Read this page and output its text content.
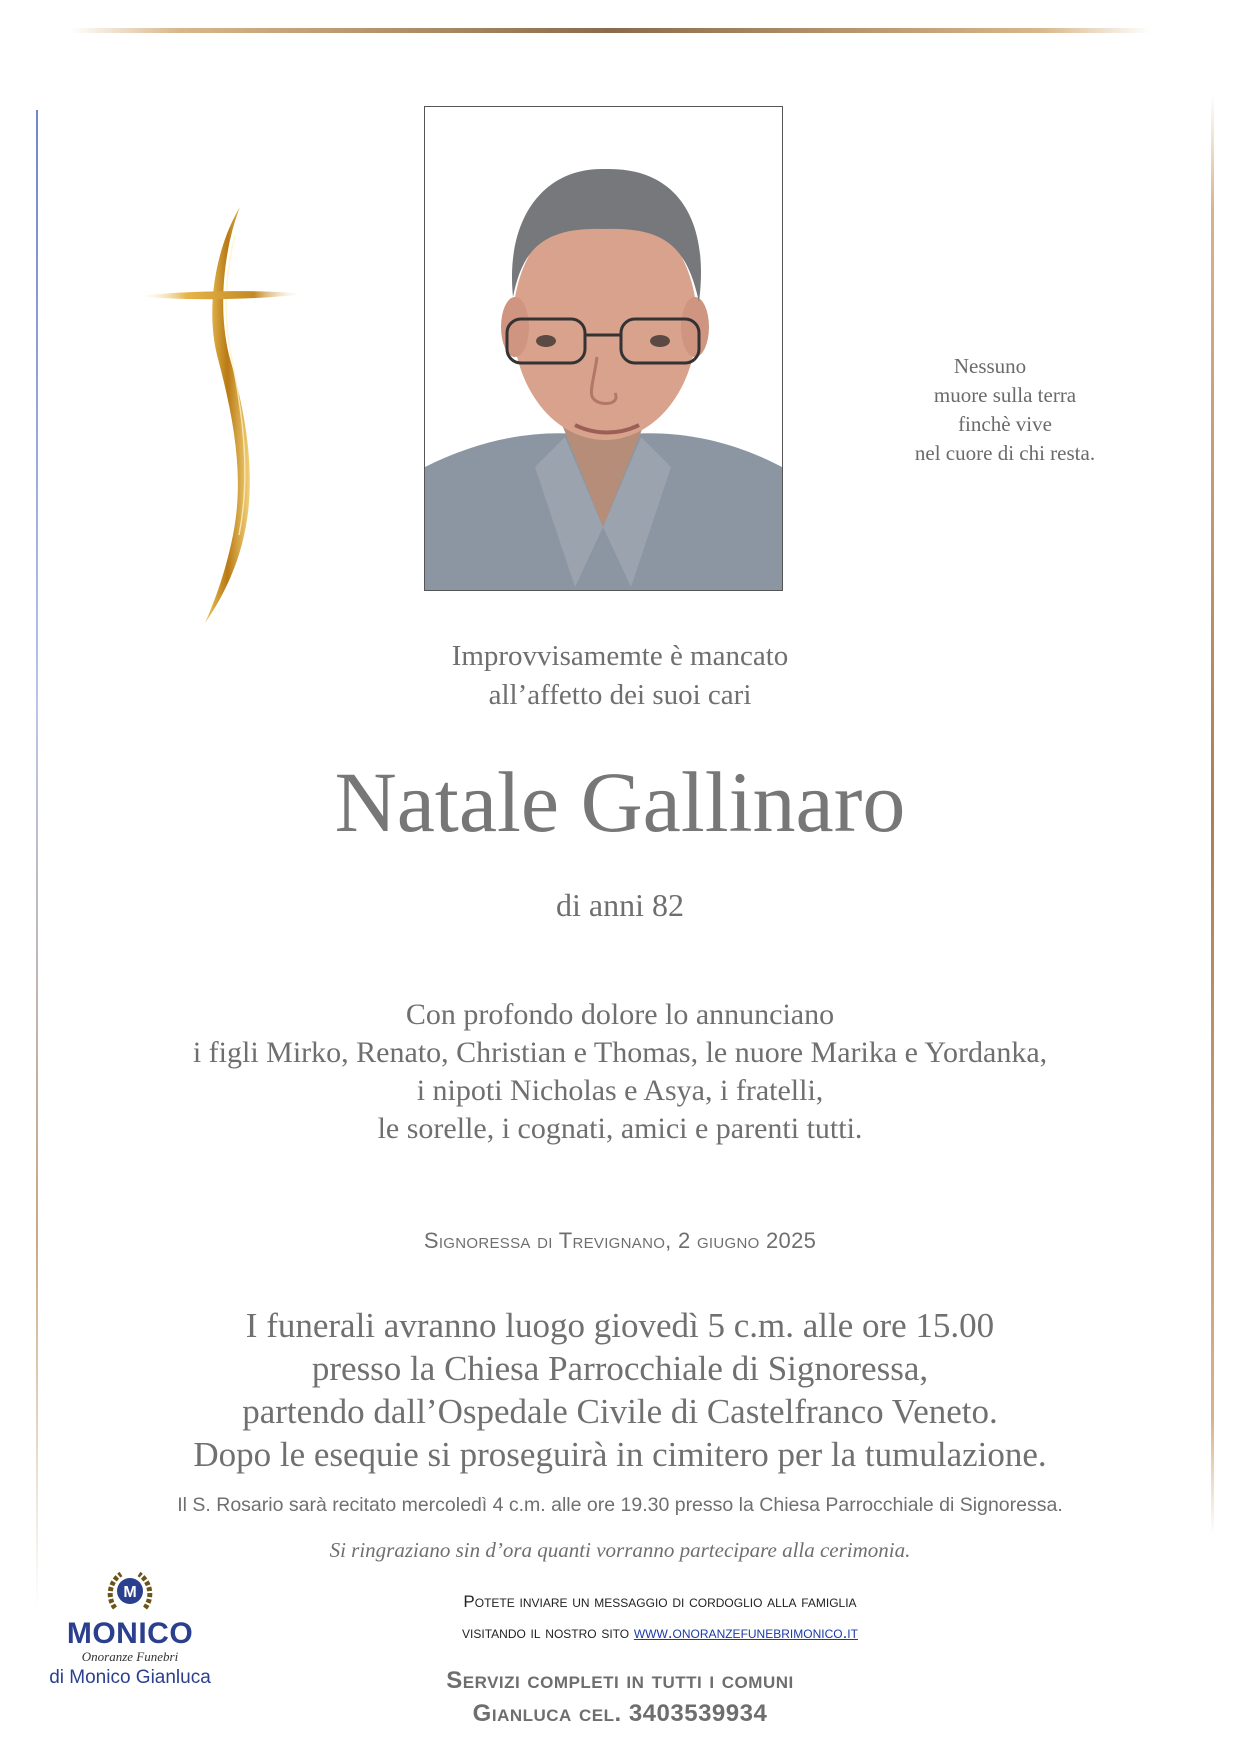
Nessuno
muore sulla terra
finchè vive
nel cuore di chi resta.
Improvvisamemte è mancato
all’affetto dei suoi cari
Natale Gallinaro
di anni 82
Con profondo dolore lo annunciano
i figli Mirko, Renato, Christian e Thomas, le nuore Marika e Yordanka,
i nipoti Nicholas e Asya, i fratelli,
le sorelle, i cognati, amici e parenti tutti.
Signoressa di Trevignano, 2 giugno 2025
I funerali avranno luogo giovedì 5 c.m. alle ore 15.00
presso la Chiesa Parrocchiale di Signoressa,
partendo dall’Ospedale Civile di Castelfranco Veneto.
Dopo le esequie si proseguirà in cimitero per la tumulazione.
Il S. Rosario sarà recitato mercoledì 4 c.m. alle ore 19.30 presso la Chiesa Parrocchiale di Signoressa.
Si ringraziano sin d’ora quanti vorranno partecipare alla cerimonia.
M
MONICO
Onoranze Funebri
di Monico Gianluca
Potete inviare un messaggio di cordoglio alla famiglia
visitando il nostro sito www.onoranzefunebrimonico.it
Servizi completi in tutti i comuni
Gianluca cel. 3403539934
